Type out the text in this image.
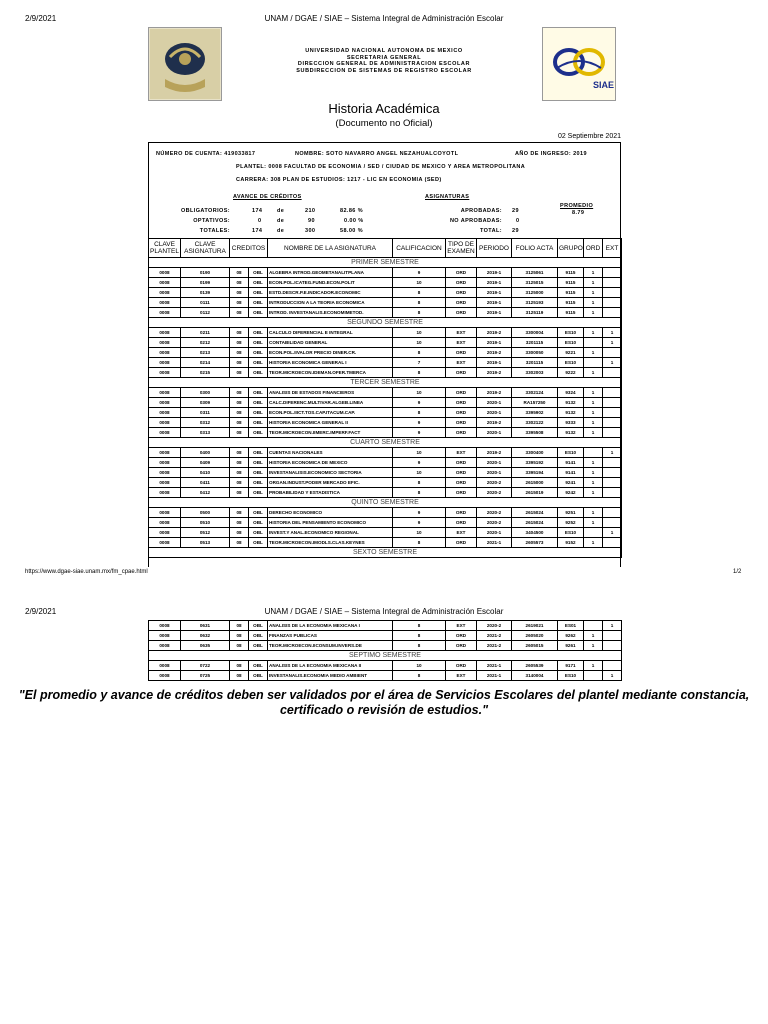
2/9/2021	UNAM / DGAE / SIAE – Sistema Integral de Administración Escolar
SIAE
UNIVERSIDAD NACIONAL AUTONOMA DE MEXICO
SECRETARIA GENERAL
DIRECCION GENERAL DE ADMINISTRACION ESCOLAR
SUBDIRECCION DE SISTEMAS DE REGISTRO ESCOLAR
Historia Académica
(Documento no Oficial)
02 Septiembre 2021
NÚMERO DE CUENTA: 419033817	NOMBRE: SOTO NAVARRO ANGEL NEZAHUALCOYOTL	AÑO DE INGRESO: 2019
PLANTEL: 0008 FACULTAD DE ECONOMIA / SED / CIUDAD DE MEXICO Y AREA METROPOLITANA
CARRERA: 308 PLAN DE ESTUDIOS: 1217 - LIC EN ECONOMIA (SED)
AVANCE DE CRÉDITOS
OBLIGATORIOS:	174	de	210	82.86 %
OPTATIVOS:	0	de	90	0.00 %
TOTALES:	174	de	300	58.00 %
ASIGNATURAS
APROBADAS: 29
NO APROBADAS:	0
TOTAL: 29
PROMEDIO
8.79
CLAVE PLANTEL	CLAVE ASIGNATURA	CREDITOS		NOMBRE DE LA ASIGNATURA	CALIFICACION	TIPO DE EXAMEN	PERIODO	FOLIO ACTA	GRUPO	ORD	EXT
PRIMER SEMESTRE											
0008	0190	08	OBL	ALGEBRA INTROD.GEOMETANALITPLANA	9	ORD	2019-1	3125061	9115	1	
0008	0199	08	OBL	ECON.POL.ICATEG.FUND.ECON.POLIT	10	ORD	2019-1	3125015	9115	1	
0008	0139	08	OBL	ESTD.DESCR.P.E.INDICADOR.ECONOMIC	8	ORD	2019-1	3125000	9115	1	
0008	0111	08	OBL	INTRODUCCION A LA TEORIA ECONOMICA	8	ORD	2019-1	3125193	9115	1	
0008	0112	08	OBL	INTROD. INVESTANALIS.ECONOMIMETOD.	8	ORD	2019-1	3125119	9115	1	
SEGUNDO SEMESTRE											
0008	0211	08	OBL	CALCULO DIFERENCIAL E INTEGRAL	10	EXT	2019-2	3300004	ES10	1	1
0008	0212	08	OBL	CONTABILIDAD GENERAL	10	EXT	2019-1	3201115	ES10		1
0008	0213	08	OBL	ECON.POL.IIVALOR PRECIO DINER.CR.	8	ORD	2019-2	3300050	9221	1	
0008	0214	08	OBL	HISTORIA ECONOMICA GENERAL I	7	EXT	2019-1	3201115	ES10		1
0008	0215	08	OBL	TEOR.MICROECON.IDEMAN.OFER.TMERCA	8	ORD	2019-2	3302003	9222	1	
TERCER SEMESTRE											
0008	0300	08	OBL	ANALISIS DE ESTADOS FINANCIEROS	10	ORD	2019-2	3302124	9324	1	
0008	0309	08	OBL	CALC.DIFERENC.MULTIVAR.ALGEB.LINEA	9	ORD	2020-1	RA157250	9132	1	
0008	0311	08	OBL	ECON.POL.IIICT.TOS.CAP.ITACUM.CAP.	8	ORD	2020-1	3395902	9132	1	
0008	0312	08	OBL	HISTORIA ECONOMICA GENERAL II	9	ORD	2019-2	3302122	9333	1	
0008	0313	08	OBL	TEOR.MICROECON.IIMERC.IMPERF.FACT	9	ORD	2020-1	3395508	9132	1	
CUARTO SEMESTRE											
0008	0400	08	OBL	CUENTAS NACIONALES	10	EXT	2019-2	3300400	ES10		1
0008	0409	08	OBL	HISTORIA ECONOMICA DE MEXICO	9	ORD	2020-1	3395192	9141	1	
0008	0410	08	OBL	INVESTANALISIS.ECONOMICO SECTORIA	10	ORD	2020-1	3395194	9141	1	
0008	0411	08	OBL	ORGAN.INDUST.PODER MERCADO EFIC.	8	ORD	2020-2	2615000	9241	1	
0008	0412	08	OBL	PROBABILIDAD Y ESTADISTICA	8	ORD	2020-2	2615019	9242	1	
QUINTO SEMESTRE											
0008	0500	08	OBL	DERECHO ECONOMICO	9	ORD	2020-2	2615024	9251	1	
0008	0510	08	OBL	HISTORIA DEL PENSAMIENTO ECONOMICO	9	ORD	2020-2	2615024	9252	1	
0008	0512	08	OBL	INVEST.Y ANAL.ECONOMICO REGIONAL	10	EXT	2020-1	3404500	ES10		1
0008	0513	08	OBL	TEOR.MICROECON.IMODLS.CLAS.KEYNES	8	ORD	2021-1	2605573	9152	1	
SEXTO SEMESTRE											
https://www.dgae-siae.unam.mx/fm_cpae.html	1/2
2/9/2021	UNAM / DGAE / SIAE – Sistema Integral de Administración Escolar
0008	0631	08	OBL	ANALISIS DE LA ECONOMIA MEXICANA I	8	EXT	2020-2	2619021	ES01		1
0008	0632	08	OBL	FINANZAS PUBLICAS	8	ORD	2021-2	2605020	9262	1	
0008	0635	08	OBL	TEOR.MICROECON.IICONSUM.INVERS.DE	8	ORD	2021-2	2605015	9261	1	
SEPTIMO SEMESTRE											
0008	0722	08	OBL	ANALISIS DE LA ECONOMIA MEXICANA II	10	ORD	2021-1	2605539	9171	1	
0008	0725	08	OBL	INVESTANALIS.ECONOMIA MEDIO AMBIENT	8	EXT	2021-1	3140004	ES10		1
"El promedio y avance de créditos deben ser validados por el área de Servicios Escolares del plantel mediante constancia, certificado o revisión de estudios."
